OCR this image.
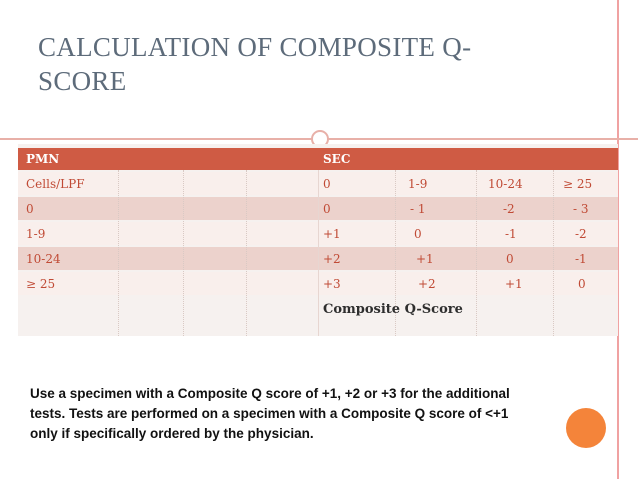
CALCULATION OF COMPOSITE Q-
SCORE
PMN	SEC
Cells/LPF	0	1-9	10-24	≥ 25
0	0	- 1	-2	- 3
1-9	+1	0	-1	-2
10-24	+2	+1	0	-1
≥ 25	+3	+2	+1	0
Composite Q-Score
Use a specimen with a Composite Q score of +1, +2 or +3 for the additional
tests. Tests are performed on a specimen with a Composite Q score of <+1
only if specifically ordered by the physician.
